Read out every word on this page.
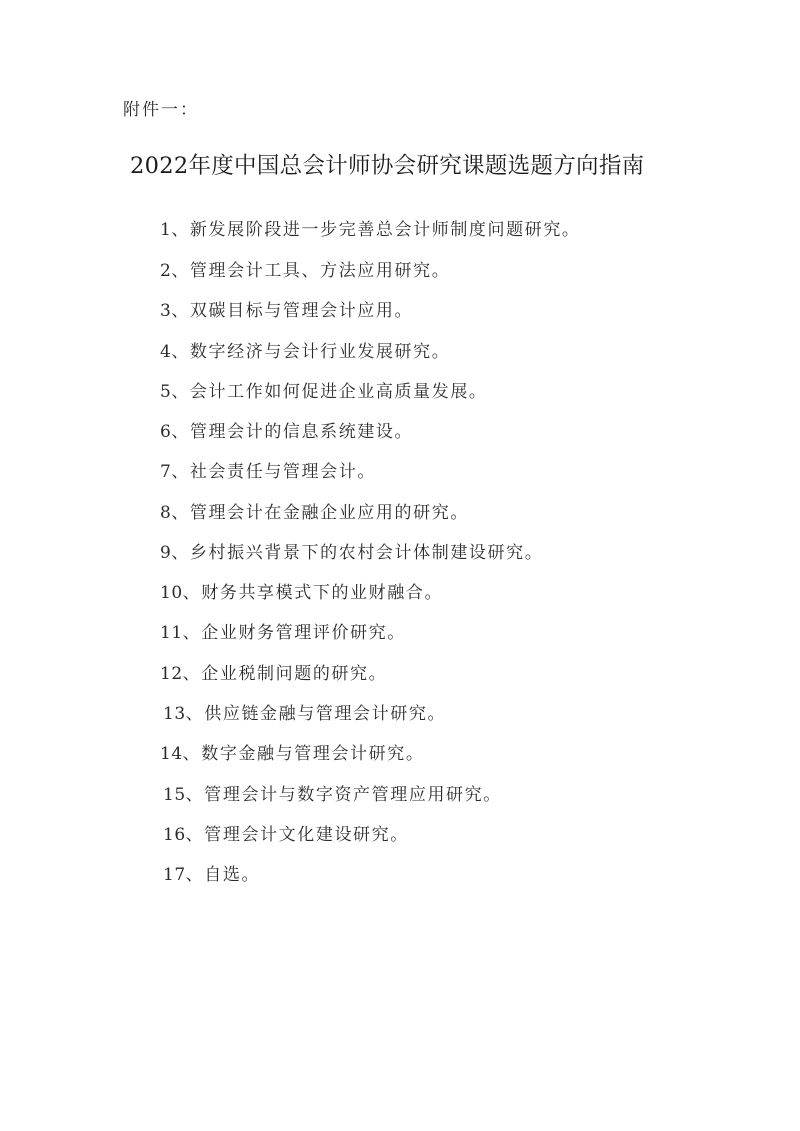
附件一：
2022年度中国总会计师协会研究课题选题方向指南
1、新发展阶段进一步完善总会计师制度问题研究。
2、管理会计工具、方法应用研究。
3、双碳目标与管理会计应用。
4、数字经济与会计行业发展研究。
5、会计工作如何促进企业高质量发展。
6、管理会计的信息系统建设。
7、社会责任与管理会计。
8、管理会计在金融企业应用的研究。
9、乡村振兴背景下的农村会计体制建设研究。
10、财务共享模式下的业财融合。
11、企业财务管理评价研究。
12、企业税制问题的研究。
13、供应链金融与管理会计研究。
14、数字金融与管理会计研究。
15、管理会计与数字资产管理应用研究。
16、管理会计文化建设研究。
17、自选。
